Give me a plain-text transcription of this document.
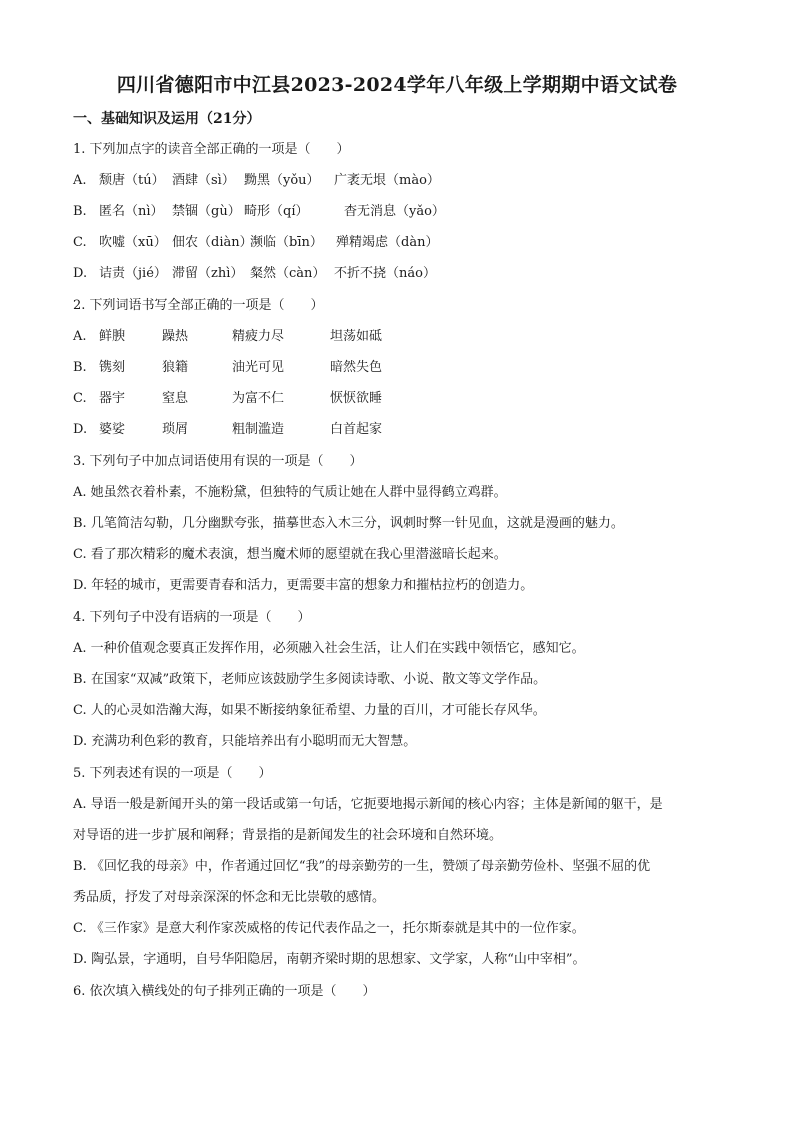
四川省德阳市中江县2023-2024学年八年级上学期期中语文试卷
一、基础知识及运用（21分）
1. 下列加点字的读音全部正确的一项是（　　）
A. 颓唐（tú） 酒肆（sì） 黝黑（yǒu） 广袤无垠（mào）
B. 匿名（nì） 禁锢（gù） 畸形（qí）	杳无消息（yǎo）
C. 吹嘘（xū） 佃农（diàn）濒临（bīn） 殚精竭虑（dàn）
D. 诘责（jié） 滞留（zhì） 粲然（càn） 不折不挠（náo）
2. 下列词语书写全部正确的一项是（　　）
A. 鲜腴	躁热	精疲力尽	坦荡如砥
B. 镌刻	狼籍	油光可见	暗然失色
C. 器宇	窒息	为富不仁	恹恹欲睡
D. 婆娑	琐屑	粗制滥造	白首起家
3. 下列句子中加点词语使用有误的一项是（　　）
A. 她虽然衣着朴素，不施粉黛，但独特的气质让她在人群中显得鹤立鸡群。
B. 几笔简洁勾勒，几分幽默夸张，描摹世态入木三分，讽刺时弊一针见血，这就是漫画的魅力。
C. 看了那次精彩的魔术表演，想当魔术师的愿望就在我心里潜滋暗长起来。
D. 年轻的城市，更需要青春和活力，更需要丰富的想象力和摧枯拉朽的创造力。
4. 下列句子中没有语病的一项是（　　）
A. 一种价值观念要真正发挥作用，必须融入社会生活，让人们在实践中领悟它，感知它。
B. 在国家“双减”政策下，老师应该鼓励学生多阅读诗歌、小说、散文等文学作品。
C. 人的心灵如浩瀚大海，如果不断接纳象征希望、力量的百川，才可能长存风华。
D. 充满功利色彩的教育，只能培养出有小聪明而无大智慧。
5. 下列表述有误的一项是（　　）
A. 导语一般是新闻开头的第一段话或第一句话，它扼要地揭示新闻的核心内容；主体是新闻的躯干，是
对导语的进一步扩展和阐释；背景指的是新闻发生的社会环境和自然环境。
B. 《回忆我的母亲》中，作者通过回忆“我”的母亲勤劳的一生，赞颂了母亲勤劳俭朴、坚强不屈的优
秀品质，抒发了对母亲深深的怀念和无比崇敬的感情。
C. 《三作家》是意大利作家茨威格的传记代表作品之一，托尔斯泰就是其中的一位作家。
D. 陶弘景，字通明，自号华阳隐居，南朝齐梁时期的思想家、文学家，人称“山中宰相”。
6. 依次填入横线处的句子排列正确的一项是（　　）
